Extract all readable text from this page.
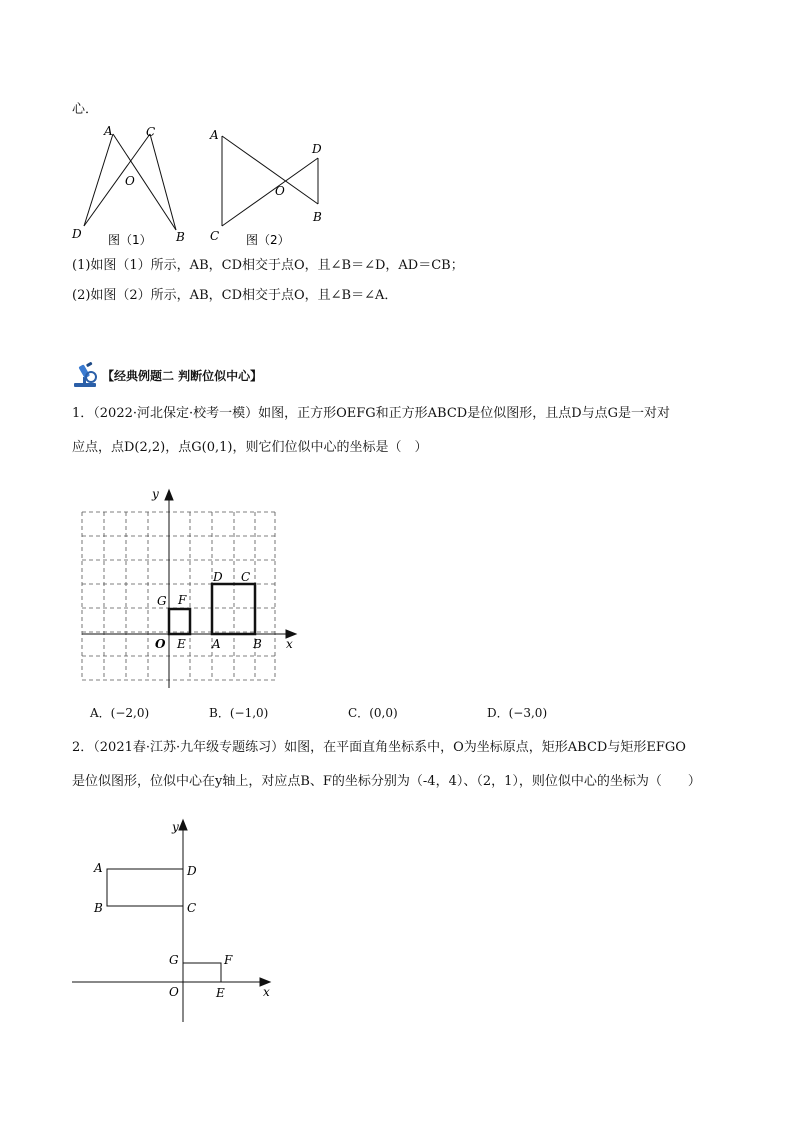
心．
A	C
O
D	B
图（1）
A
D
O
B
C 图（2）
(1)如图（1）所示，AB，CD相交于点O，且∠B＝∠D，AD＝CB；
(2)如图（2）所示，AB，CD相交于点O，且∠B＝∠A．
【经典例题二 判断位似中心】
1．（2022·河北保定·校考一模）如图，正方形OEFG和正方形ABCD是位似图形，且点D与点G是一对对
应点，点D(2,2)，点G(0,1)，则它们位似中心的坐标是（　）
y
x
O E A	B
G F
D C
A．(−2,0)	B．(−1,0)	C．(0,0)	D．(−3,0)
2．（2021春·江苏·九年级专题练习）如图，在平面直角坐标系中，O为坐标原点，矩形ABCD与矩形EFGO
是位似图形，位似中心在y轴上，对应点B、F的坐标分别为（-4，4）、（2，1），则位似中心的坐标为（　　）
y
x
A	D
B	C
G	F
O	E
